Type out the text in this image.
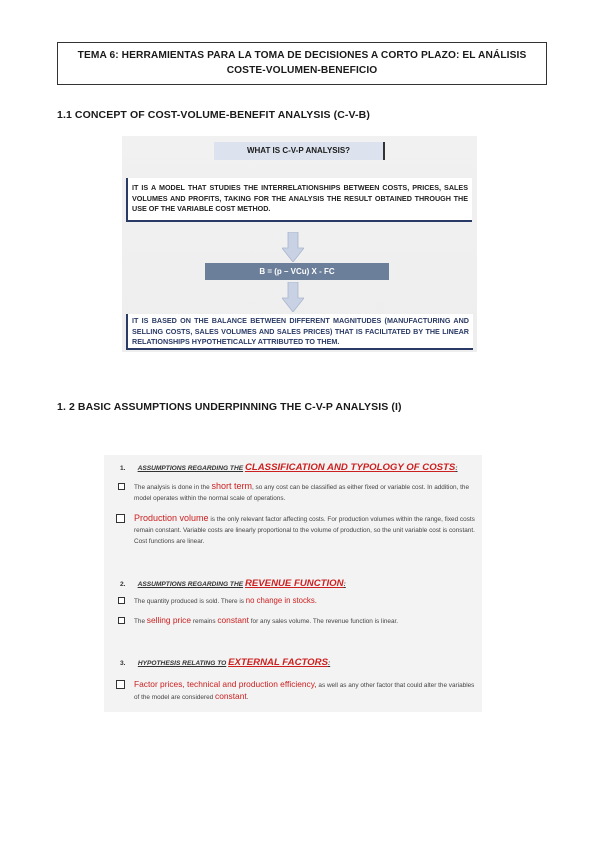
TEMA 6: HERRAMIENTAS PARA LA TOMA DE DECISIONES A CORTO PLAZO: EL ANÁLISIS
COSTE-VOLUMEN-BENEFICIO
1.1 CONCEPT OF COST-VOLUME-BENEFIT ANALYSIS (C-V-B)
WHAT IS C-V-P ANALYSIS?
IT IS A MODEL THAT STUDIES THE INTERRELATIONSHIPS BETWEEN COSTS, PRICES, SALES VOLUMES AND PROFITS, TAKING FOR THE ANALYSIS THE RESULT OBTAINED THROUGH THE USE OF THE VARIABLE COST METHOD.
B = (p – VCu) X - FC
IT IS BASED ON THE BALANCE BETWEEN DIFFERENT MAGNITUDES (MANUFACTURING AND SELLING COSTS, SALES VOLUMES AND SALES PRICES) THAT IS FACILITATED BY THE LINEAR RELATIONSHIPS HYPOTHETICALLY ATTRIBUTED TO THEM.
1. 2 BASIC ASSUMPTIONS UNDERPINNING THE C-V-P ANALYSIS (I)
1. ASSUMPTIONS REGARDING THE CLASSIFICATION AND TYPOLOGY OF COSTS:
The analysis is done in the short term, so any cost can be classified as either fixed or variable cost. In addition, the model operates within the normal scale of operations.
Production volume is the only relevant factor affecting costs. For production volumes within the range, fixed costs remain constant. Variable costs are linearly proportional to the volume of production, so the unit variable cost is constant. Cost functions are linear.
2. ASSUMPTIONS REGARDING THE REVENUE FUNCTION:
The quantity produced is sold. There is no change in stocks.
The selling price remains constant for any sales volume. The revenue function is linear.
3. HYPOTHESIS RELATING TO EXTERNAL FACTORS:
Factor prices, technical and production efficiency, as well as any other factor that could alter the variables of the model are considered constant.
